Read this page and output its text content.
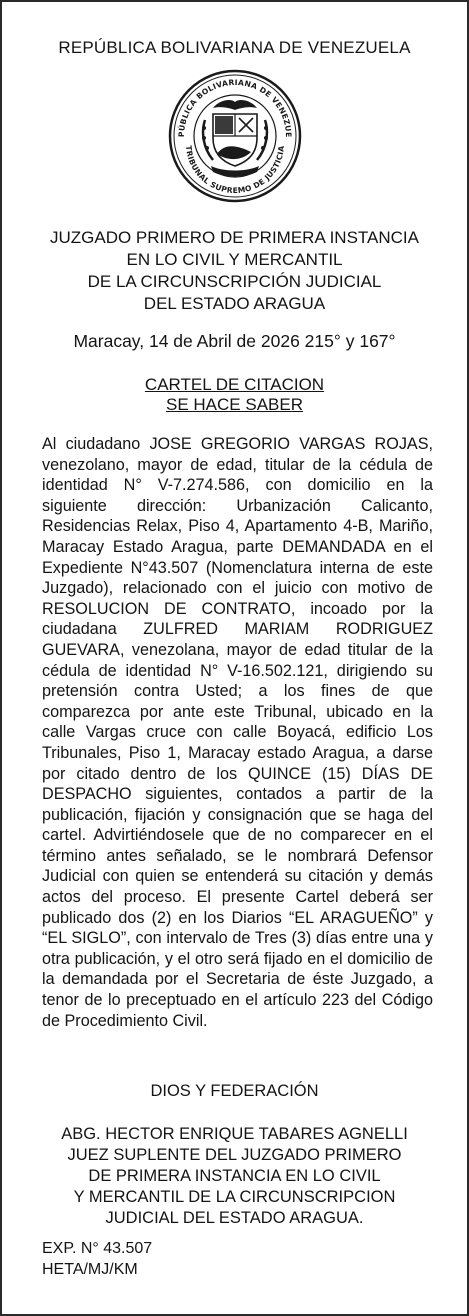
REPÚBLICA BOLIVARIANA DE VENEZUELA
PÚBLICA BOLIVARIANA DE VENEZUE
TRIBUNAL SUPREMO DE JUSTICIA
JUZGADO PRIMERO DE PRIMERA INSTANCIA
EN LO CIVIL Y MERCANTIL
DE LA CIRCUNSCRIPCIÓN JUDICIAL
DEL ESTADO ARAGUA
Maracay, 14 de Abril de 2026 215° y 167°
CARTEL DE CITACION
SE HACE SABER
Al ciudadano JOSE GREGORIO VARGAS ROJAS, venezolano, mayor de edad, titular de la cédula de identidad N° V-7.274.586, con domicilio en la siguiente dirección: Urbanización Calicanto, Residencias Relax, Piso 4, Apartamento 4-B, Mariño, Maracay Estado Aragua, parte DEMANDADA en el Expediente N°43.507 (Nomenclatura interna de este Juzgado), relacionado con el juicio con motivo de RESOLUCION DE CONTRATO, incoado por la ciudadana ZULFRED MARIAM RODRIGUEZ GUEVARA, venezolana, mayor de edad titular de la cédula de identidad N° V-16.502.121, dirigiendo su pretensión contra Usted; a los fines de que comparezca por ante este Tribunal, ubicado en la calle Vargas cruce con calle Boyacá, edificio Los Tribunales, Piso 1, Maracay estado Aragua, a darse por citado dentro de los QUINCE (15) DÍAS DE DESPACHO siguientes, contados a partir de la publicación, fijación y consignación que se haga del cartel. Advirtiéndosele que de no comparecer en el término antes señalado, se le nombrará Defensor Judicial con quien se entenderá su citación y demás actos del proceso. El presente Cartel deberá ser publicado dos (2) en los Diarios “EL ARAGUEÑO” y “EL SIGLO”, con intervalo de Tres (3) días entre una y otra publicación, y el otro será fijado en el domicilio de la demandada por el Secretaria de éste Juzgado, a tenor de lo preceptuado en el artículo 223 del Código de Procedimiento Civil.
DIOS Y FEDERACIÓN
ABG. HECTOR ENRIQUE TABARES AGNELLI
JUEZ SUPLENTE DEL JUZGADO PRIMERO
DE PRIMERA INSTANCIA EN LO CIVIL
Y MERCANTIL DE LA CIRCUNSCRIPCION
JUDICIAL DEL ESTADO ARAGUA.
EXP. N° 43.507
HETA/MJ/KM
